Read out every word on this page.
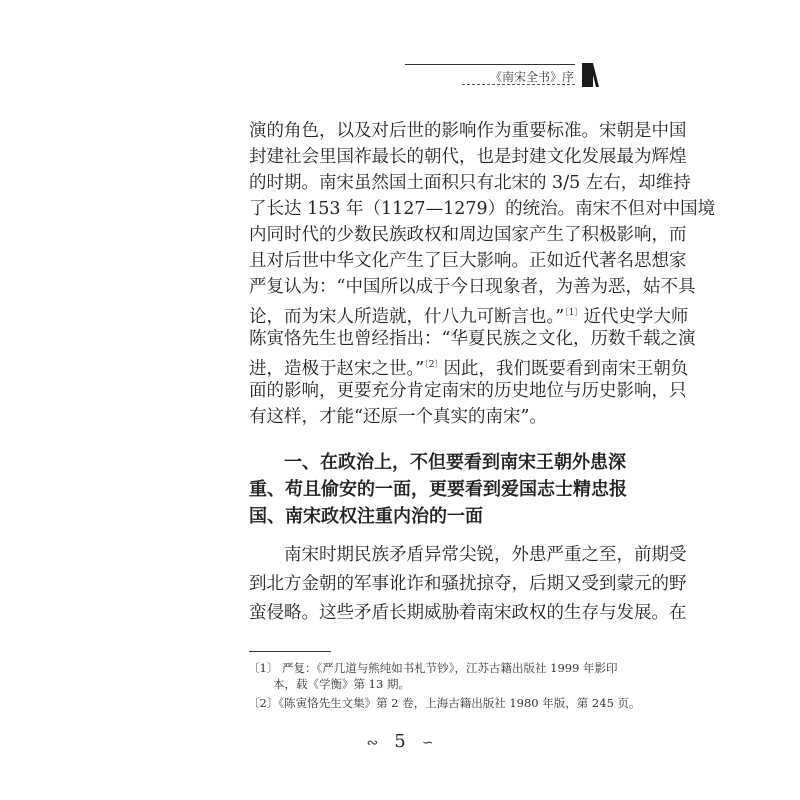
《南宋全书》序
演的角色，以及对后世的影响作为重要标准。宋朝是中国
封建社会里国祚最长的朝代，也是封建文化发展最为辉煌
的时期。南宋虽然国土面积只有北宋的 3/5 左右，却维持
了长达 153 年（1127—1279）的统治。南宋不但对中国境
内同时代的少数民族政权和周边国家产生了积极影响，而
且对后世中华文化产生了巨大影响。正如近代著名思想家
严复认为：“中国所以成于今日现象者，为善为恶，姑不具
论，而为宋人所造就，什八九可断言也。”$^{〔1〕}$近代史学大师
陈寅恪先生也曾经指出：“华夏民族之文化，历数千载之演
进，造极于赵宋之世。”$^{〔2〕}$因此，我们既要看到南宋王朝负
面的影响，更要充分肯定南宋的历史地位与历史影响，只
有这样，才能“还原一个真实的南宋”。
一、在政治上，不但要看到南宋王朝外患深
重、苟且偷安的一面，更要看到爱国志士精忠报
国、南宋政权注重内治的一面
南宋时期民族矛盾异常尖锐，外患严重之至，前期受
到北方金朝的军事讹诈和骚扰掠夺，后期又受到蒙元的野
蛮侵略。这些矛盾长期威胁着南宋政权的生存与发展。在
〔1〕 严复：《严几道与熊纯如书札节钞》，江苏古籍出版社 1999 年影印
本，载《学衡》第 13 期。
〔2〕《陈寅恪先生文集》第 2 卷，上海古籍出版社 1980 年版，第 245 页。
∾ 5 ∽
